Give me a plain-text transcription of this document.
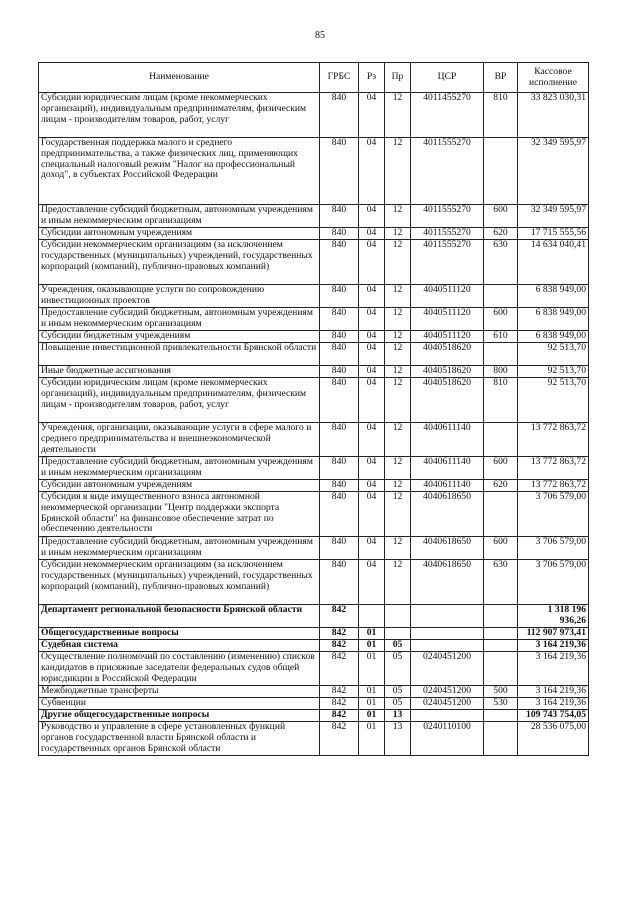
85
Наименование	ГРБС	Рз	Пр	ЦСР	ВР	Кассовое исполнение
Субсидии юридическим лицам (кроме некоммерческих организаций), индивидуальным предпринимателям, физическим лицам - производителям товаров, работ, услуг	840	04	12	4011455270	810	33 823 030,31
Государственная поддержка малого и среднего предпринимательства, а также физических лиц, применяющих специальный налоговый режим "Налог на профессиональный доход", в субъектах Российской Федерации	840	04	12	4011555270		32 349 595,97
Предоставление субсидий бюджетным, автономным учреждениям и иным некоммерческим организациям	840	04	12	4011555270	600	32 349 595,97
Субсидии автономным учреждениям	840	04	12	4011555270	620	17 715 555,56
Субсидии некоммерческим организациям (за исключением государственных (муниципальных) учреждений, государственных корпораций (компаний), публично-правовых компаний)	840	04	12	4011555270	630	14 634 040,41
Учреждения, оказывающие услуги по сопровождению инвестиционных проектов	840	04	12	4040511120		6 838 949,00
Предоставление субсидий бюджетным, автономным учреждениям и иным некоммерческим организациям	840	04	12	4040511120	600	6 838 949,00
Субсидии бюджетным учреждениям	840	04	12	4040511120	610	6 838 949,00
Повышение инвестиционной привлекательности Брянской области	840	04	12	4040518620		92 513,70
Иные бюджетные ассигнования	840	04	12	4040518620	800	92 513,70
Субсидии юридическим лицам (кроме некоммерческих организаций), индивидуальным предпринимателям, физическим лицам - производителям товаров, работ, услуг	840	04	12	4040518620	810	92 513,70
Учреждения, организации, оказывающие услуги в сфере малого и среднего предпринимательства и внешнеэкономической деятельности	840	04	12	4040611140		13 772 863,72
Предоставление субсидий бюджетным, автономным учреждениям и иным некоммерческим организациям	840	04	12	4040611140	600	13 772 863,72
Субсидии автономным учреждениям	840	04	12	4040611140	620	13 772 863,72
Субсидия в виде имущественного взноса автономной некоммерческой организации "Центр поддержки экспорта Брянской области" на финансовое обеспечение затрат по обеспечению деятельности	840	04	12	4040618650		3 706 579,00
Предоставление субсидий бюджетным, автономным учреждениям и иным некоммерческим организациям	840	04	12	4040618650	600	3 706 579,00
Субсидии некоммерческим организациям (за исключением государственных (муниципальных) учреждений, государственных корпораций (компаний), публично-правовых компаний)	840	04	12	4040618650	630	3 706 579,00
Департамент региональной безопасности Брянской области	842					1 318 196 936,26
Общегосударственные вопросы	842	01				112 907 973,41
Судебная система	842	01	05			3 164 219,36
Осуществление полномочий по составлению (изменению) списков кандидатов в присяжные заседатели федеральных судов общей юрисдикции в Российской Федерации	842	01	05	0240451200		3 164 219,36
Межбюджетные трансферты	842	01	05	0240451200	500	3 164 219,36
Субвенции	842	01	05	0240451200	530	3 164 219,36
Другие общегосударственные вопросы	842	01	13			109 743 754,05
Руководство и управление в сфере установленных функций органов государственной власти Брянской области и государственных органов Брянской области	842	01	13	0240110100		28 536 075,00
